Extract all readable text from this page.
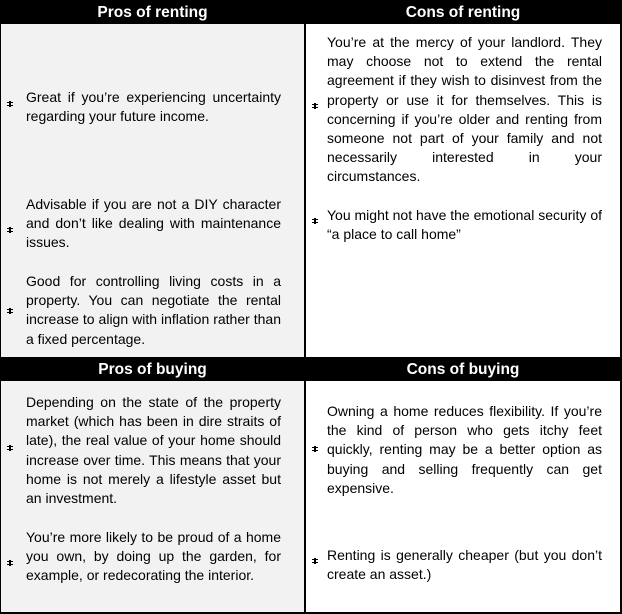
Pros of renting	Cons of renting
Great if you’re experiencing uncertainty regarding your future income.
Advisable if you are not a DIY character and don’t like dealing with maintenance issues.
Good for controlling living costs in a property. You can negotiate the rental increase to align with inflation rather than a fixed percentage.
You’re at the mercy of your landlord. They may choose not to extend the rental agreement if they wish to disinvest from the property or use it for themselves. This is concerning if you’re older and renting from someone not part of your family and not necessarily interested in your circumstances.
You might not have the emotional security of “a place to call home”
Pros of buying	Cons of buying
Depending on the state of the property market (which has been in dire straits of late), the real value of your home should increase over time. This means that your home is not merely a lifestyle asset but an investment.
You’re more likely to be proud of a home you own, by doing up the garden, for example, or redecorating the interior.
Owning a home reduces flexibility. If you’re the kind of person who gets itchy feet quickly, renting may be a better option as buying and selling frequently can get expensive.
Renting is generally cheaper (but you don’t create an asset.)
